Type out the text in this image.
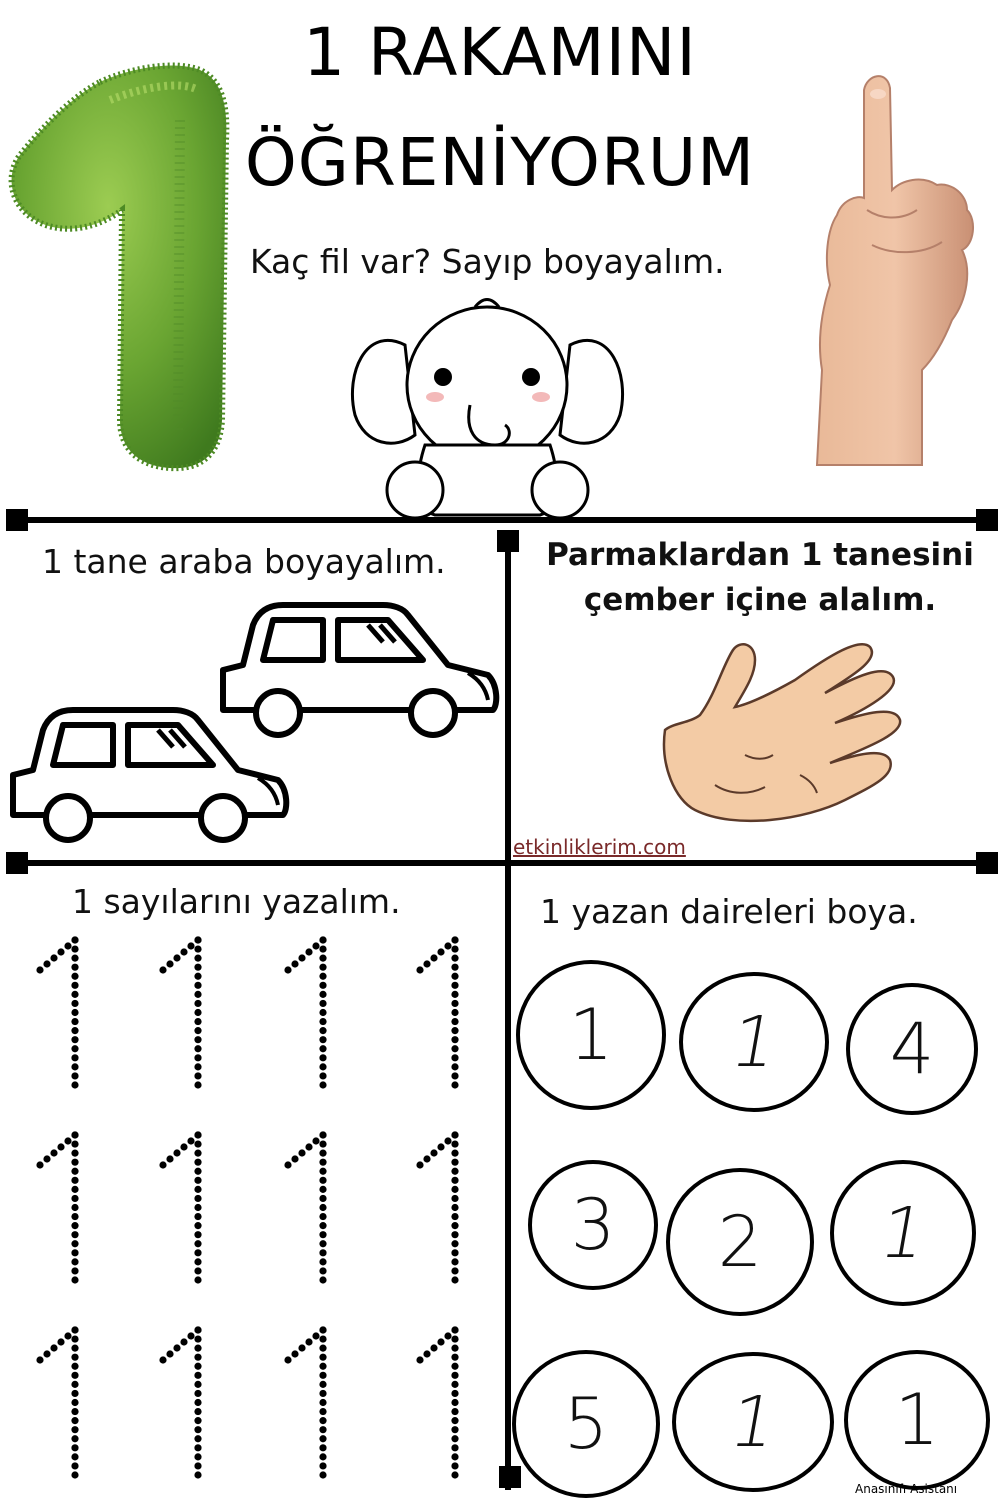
1 RAKAMINI
ÖĞRENİYORUM
Kaç fil var? Sayıp boyayalım.
1 tane araba boyayalım.	Parmaklardan 1 tanesini
çember içine alalım.
etkinliklerim.com
1 sayılarını yazalım.	1 yazan daireleri boya.
1 1 4
3 2 1
5 1 1
Anasınıfı Asistanı
